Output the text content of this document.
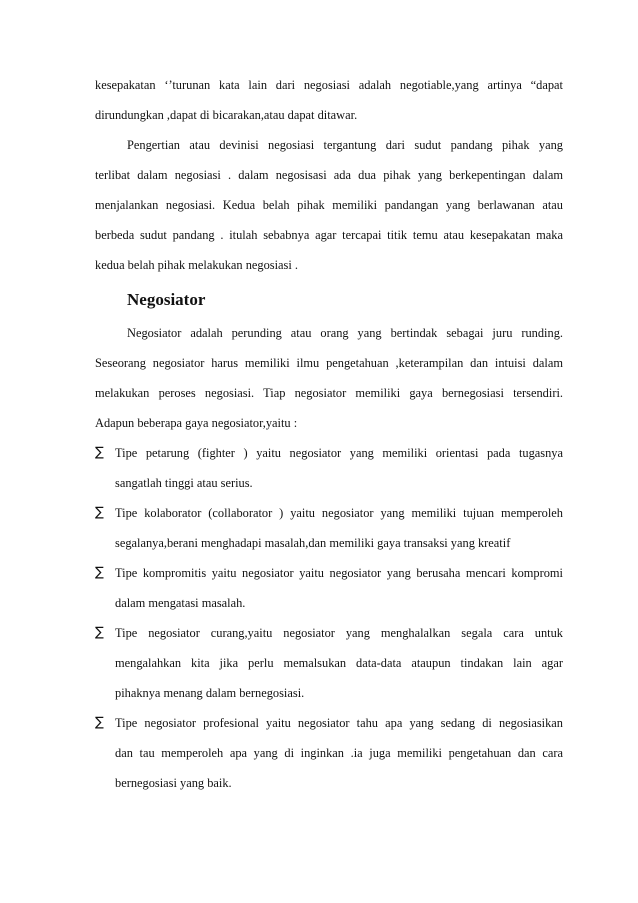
kesepakatan ‘’turunan kata lain dari negosiasi adalah negotiable,yang artinya “dapat
dirundungkan ,dapat di bicarakan,atau dapat ditawar.

Pengertian atau devinisi negosiasi tergantung dari sudut pandang pihak yang
terlibat dalam negosiasi . dalam negosisasi ada dua pihak yang berkepentingan dalam
menjalankan negosiasi. Kedua belah pihak memiliki pandangan yang berlawanan atau
berbeda sudut pandang . itulah sebabnya agar tercapai titik temu atau kesepakatan maka
kedua belah pihak melakukan negosiasi .

Negosiator

Negosiator adalah perunding atau orang yang bertindak sebagai juru runding.
Seseorang negosiator harus memiliki ilmu pengetahuan ,keterampilan dan intuisi dalam
melakukan peroses negosiasi. Tiap negosiator memiliki gaya bernegosiasi tersendiri.
Adapun beberapa gaya negosiator,yaitu :

∑ Tipe petarung (fighter ) yaitu negosiator yang memiliki orientasi pada tugasnya
sangatlah tinggi atau serius.
∑ Tipe kolaborator (collaborator ) yaitu negosiator yang memiliki tujuan memperoleh
segalanya,berani menghadapi masalah,dan memiliki gaya transaksi yang kreatif
∑ Tipe kompromitis yaitu negosiator yaitu negosiator yang berusaha mencari kompromi
dalam mengatasi masalah.
∑ Tipe negosiator curang,yaitu negosiator yang menghalalkan segala cara untuk
mengalahkan kita jika perlu memalsukan data-data ataupun tindakan lain agar
pihaknya menang dalam bernegosiasi.
∑ Tipe negosiator profesional yaitu negosiator tahu apa yang sedang di negosiasikan
dan tau memperoleh apa yang di inginkan .ia juga memiliki pengetahuan dan cara
bernegosiasi yang baik.
